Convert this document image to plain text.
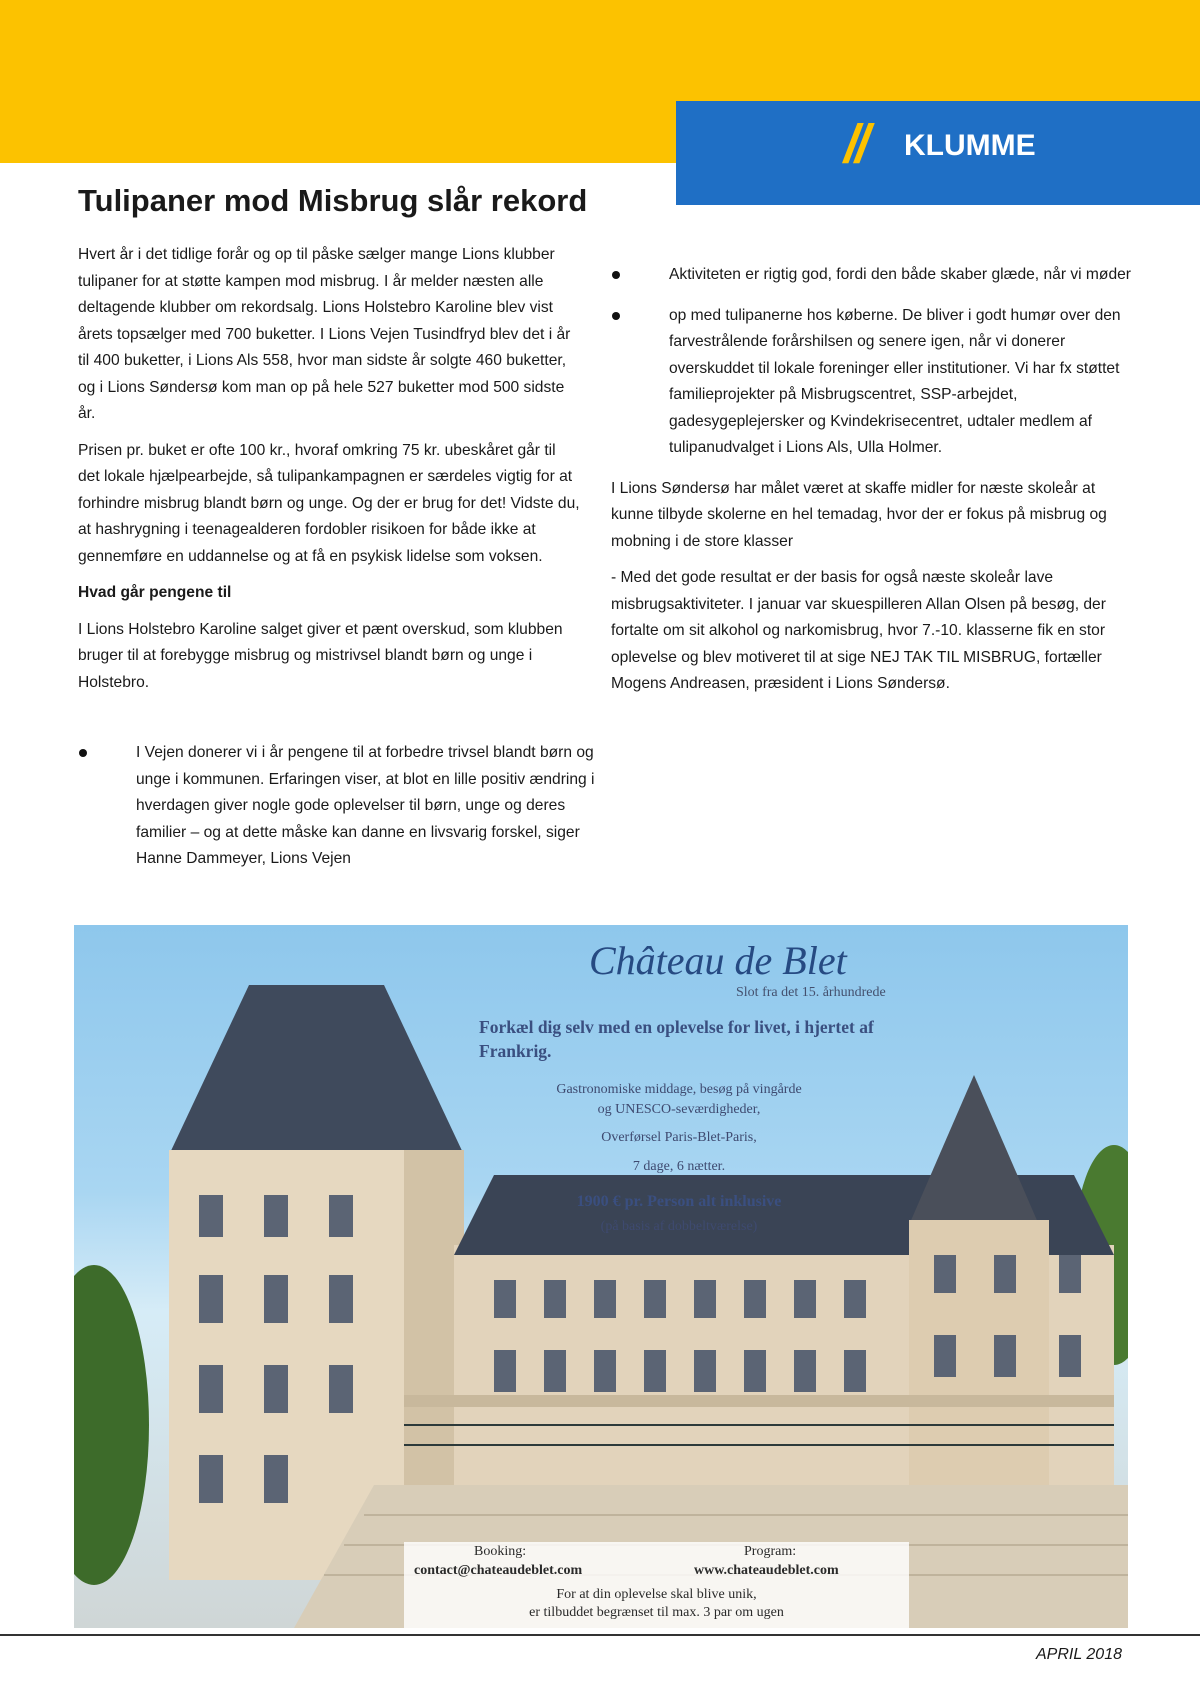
// KLUMME
Tulipaner mod Misbrug slår rekord

Hvert år i det tidlige forår og op til påske sælger mange Lions klubber tulipaner for at støtte kampen mod misbrug. I år melder næsten alle deltagende klubber om rekordsalg. Lions Holstebro Karoline blev vist årets topsælger med 700 buketter. I Lions Vejen Tusindfryd blev det i år til 400 buketter, i Lions Als 558, hvor man sidste år solgte 460 buketter, og i Lions Søndersø kom man op på hele 527 buketter mod 500 sidste år.

Prisen pr. buket er ofte 100 kr., hvoraf omkring 75 kr. ubeskåret går til det lokale hjælpearbejde, så tulipankampagnen er særdeles vigtig for at forhindre misbrug blandt børn og unge. Og der er brug for det! Vidste du, at hashrygning i teenagealderen fordobler risikoen for både ikke at gennemføre en uddannelse og at få en psykisk lidelse som voksen.

Hvad går pengene til

I Lions Holstebro Karoline salget giver et pænt overskud, som klubben bruger til at forebygge misbrug og mistrivsel blandt børn og unge i Holstebro.

I Vejen donerer vi i år pengene til at forbedre trivsel blandt børn og unge i kommunen. Erfaringen viser, at blot en lille positiv ændring i hverdagen giver nogle gode oplevelser til børn, unge og deres familier – og at dette måske kan danne en livsvarig forskel, siger Hanne Dammeyer, Lions Vejen
Aktiviteten er rigtig god, fordi den både skaber glæde, når vi møder
op med tulipanerne hos køberne. De bliver i godt humør over den farvestrålende forårshilsen og senere igen, når vi donerer overskuddet til lokale foreninger eller institutioner. Vi har fx støttet familieprojekter på Misbrugscentret, SSP-arbejdet, gadesygeplejersker og Kvindekrisecentret, udtaler medlem af tulipanudvalget i Lions Als, Ulla Holmer.

I Lions Søndersø har målet været at skaffe midler for næste skoleår at kunne tilbyde skolerne en hel temadag, hvor der er fokus på misbrug og mobning i de store klasser

- Med det gode resultat er der basis for også næste skoleår lave misbrugsaktiviteter. I januar var skuespilleren Allan Olsen på besøg, der fortalte om sit alkohol og narkomisbrug, hvor 7.-10. klasserne fik en stor oplevelse og blev motiveret til at sige NEJ TAK TIL MISBRUG, fortæller Mogens Andreasen, præsident i Lions Søndersø.

Château de Blet
Slot fra det 15. århundrede
Forkæl dig selv med en oplevelse for livet, i hjertet af Frankrig.
Gastronomiske middage, besøg på vingårde
og UNESCO-seværdigheder,
Overførsel Paris-Blet-Paris,
7 dage, 6 nætter.
1900 € pr. Person alt inklusive
(på basis af dobbeltværelse)
Booking:
contact@chateaudeblet.com
Program:
www.chateaudeblet.com
For at din oplevelse skal blive unik,
er tilbuddet begrænset til max. 3 par om ugen
APRIL 2018
